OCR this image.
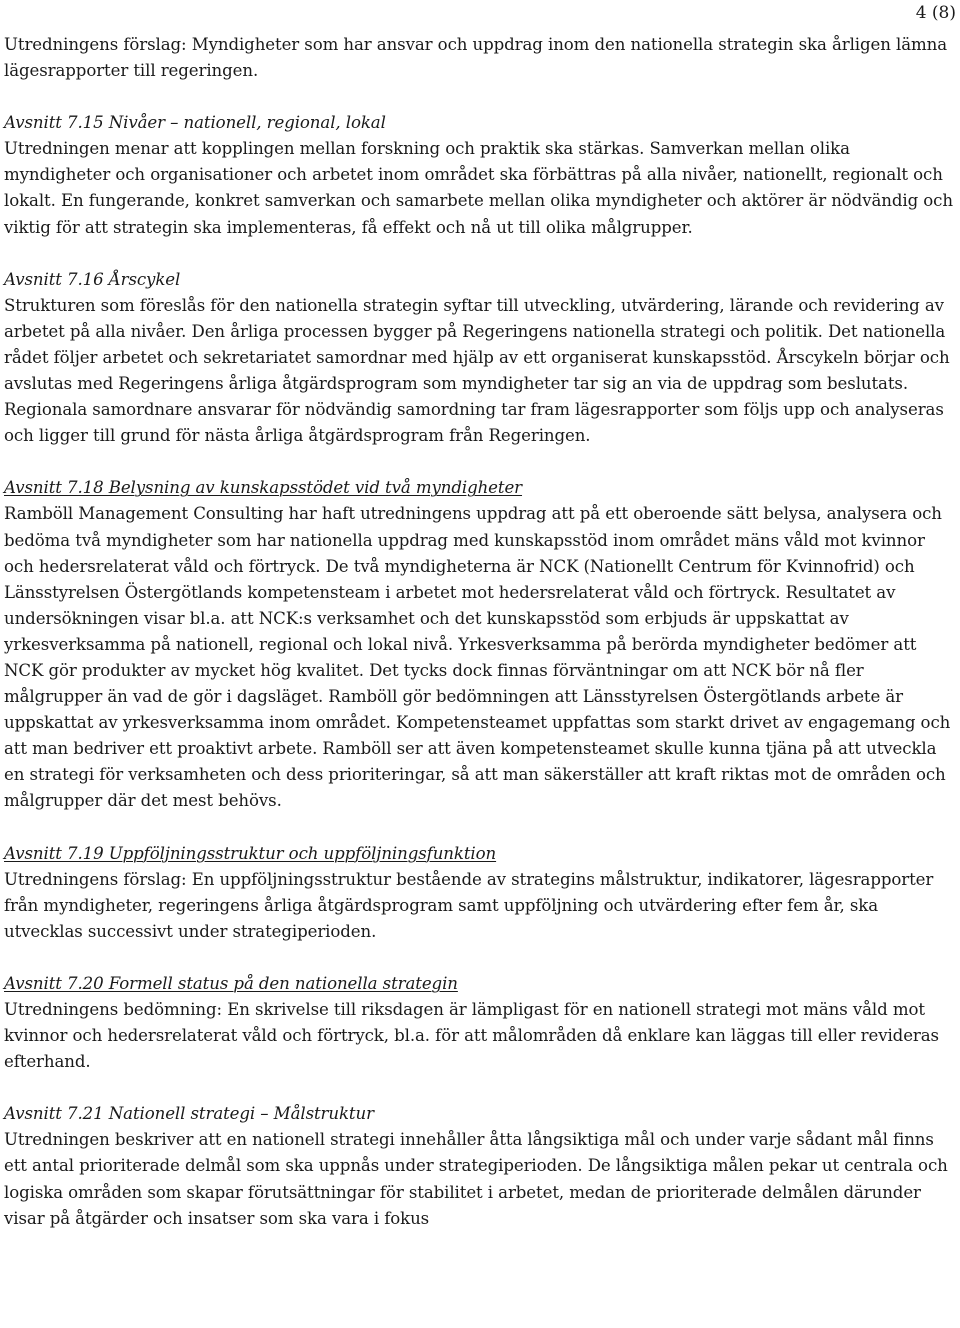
4 (8)

Utredningens förslag: Myndigheter som har ansvar och uppdrag inom den nationella strategin ska årligen lämna lägesrapporter till regeringen.

Avsnitt 7.15 Nivåer – nationell, regional, lokal

Utredningen menar att kopplingen mellan forskning och praktik ska stärkas. Samverkan mellan olika myndigheter och organisationer och arbetet inom området ska förbättras på alla nivåer, nationellt, regionalt och lokalt. En fungerande, konkret samverkan och samarbete mellan olika myndigheter och aktörer är nödvändig och viktig för att strategin ska implementeras, få effekt och nå ut till olika målgrupper.

Avsnitt 7.16 Årscykel

Strukturen som föreslås för den nationella strategin syftar till utveckling, utvärdering, lärande och revidering av arbetet på alla nivåer. Den årliga processen bygger på Regeringens nationella strategi och politik. Det nationella rådet följer arbetet och sekretariatet samordnar med hjälp av ett organiserat kunskapsstöd. Årscykeln börjar och avslutas med Regeringens årliga åtgärdsprogram som myndigheter tar sig an via de uppdrag som beslutats. Regionala samordnare ansvarar för nödvändig samordning tar fram lägesrapporter som följs upp och analyseras och ligger till grund för nästa årliga åtgärdsprogram från Regeringen.

Avsnitt 7.18 Belysning av kunskapsstödet vid två myndigheter

Ramböll Management Consulting har haft utredningens uppdrag att på ett oberoende sätt belysa, analysera och bedöma två myndigheter som har nationella uppdrag med kunskapsstöd inom området mäns våld mot kvinnor och hedersrelaterat våld och förtryck. De två myndigheterna är NCK (Nationellt Centrum för Kvinnofrid) och Länsstyrelsen Östergötlands kompetensteam i arbetet mot hedersrelaterat våld och förtryck. Resultatet av undersökningen visar bl.a. att NCK:s verksamhet och det kunskapsstöd som erbjuds är uppskattat av yrkesverksamma på nationell, regional och lokal nivå. Yrkesverksamma på berörda myndigheter bedömer att NCK gör produkter av mycket hög kvalitet. Det tycks dock finnas förväntningar om att NCK bör nå fler målgrupper än vad de gör i dagsläget. Ramböll gör bedömningen att Länsstyrelsen Östergötlands arbete är uppskattat av yrkesverksamma inom området. Kompetensteamet uppfattas som starkt drivet av engagemang och att man bedriver ett proaktivt arbete. Ramböll ser att även kompetensteamet skulle kunna tjäna på att utveckla en strategi för verksamheten och dess prioriteringar, så att man säkerställer att kraft riktas mot de områden och målgrupper där det mest behövs.

Avsnitt 7.19 Uppföljningsstruktur och uppföljningsfunktion

Utredningens förslag: En uppföljningsstruktur bestående av strategins målstruktur, indikatorer, lägesrapporter från myndigheter, regeringens årliga åtgärdsprogram samt uppföljning och utvärdering efter fem år, ska utvecklas successivt under strategiperioden.

Avsnitt 7.20 Formell status på den nationella strategin

Utredningens bedömning: En skrivelse till riksdagen är lämpligast för en nationell strategi mot mäns våld mot kvinnor och hedersrelaterat våld och förtryck, bl.a. för att målområden då enklare kan läggas till eller revideras efterhand.

Avsnitt 7.21 Nationell strategi – Målstruktur

Utredningen beskriver att en nationell strategi innehåller åtta långsiktiga mål och under varje sådant mål finns ett antal prioriterade delmål som ska uppnås under strategiperioden. De långsiktiga målen pekar ut centrala och logiska områden som skapar förutsättningar för stabilitet i arbetet, medan de prioriterade delmålen därunder visar på åtgärder och insatser som ska vara i fokus
